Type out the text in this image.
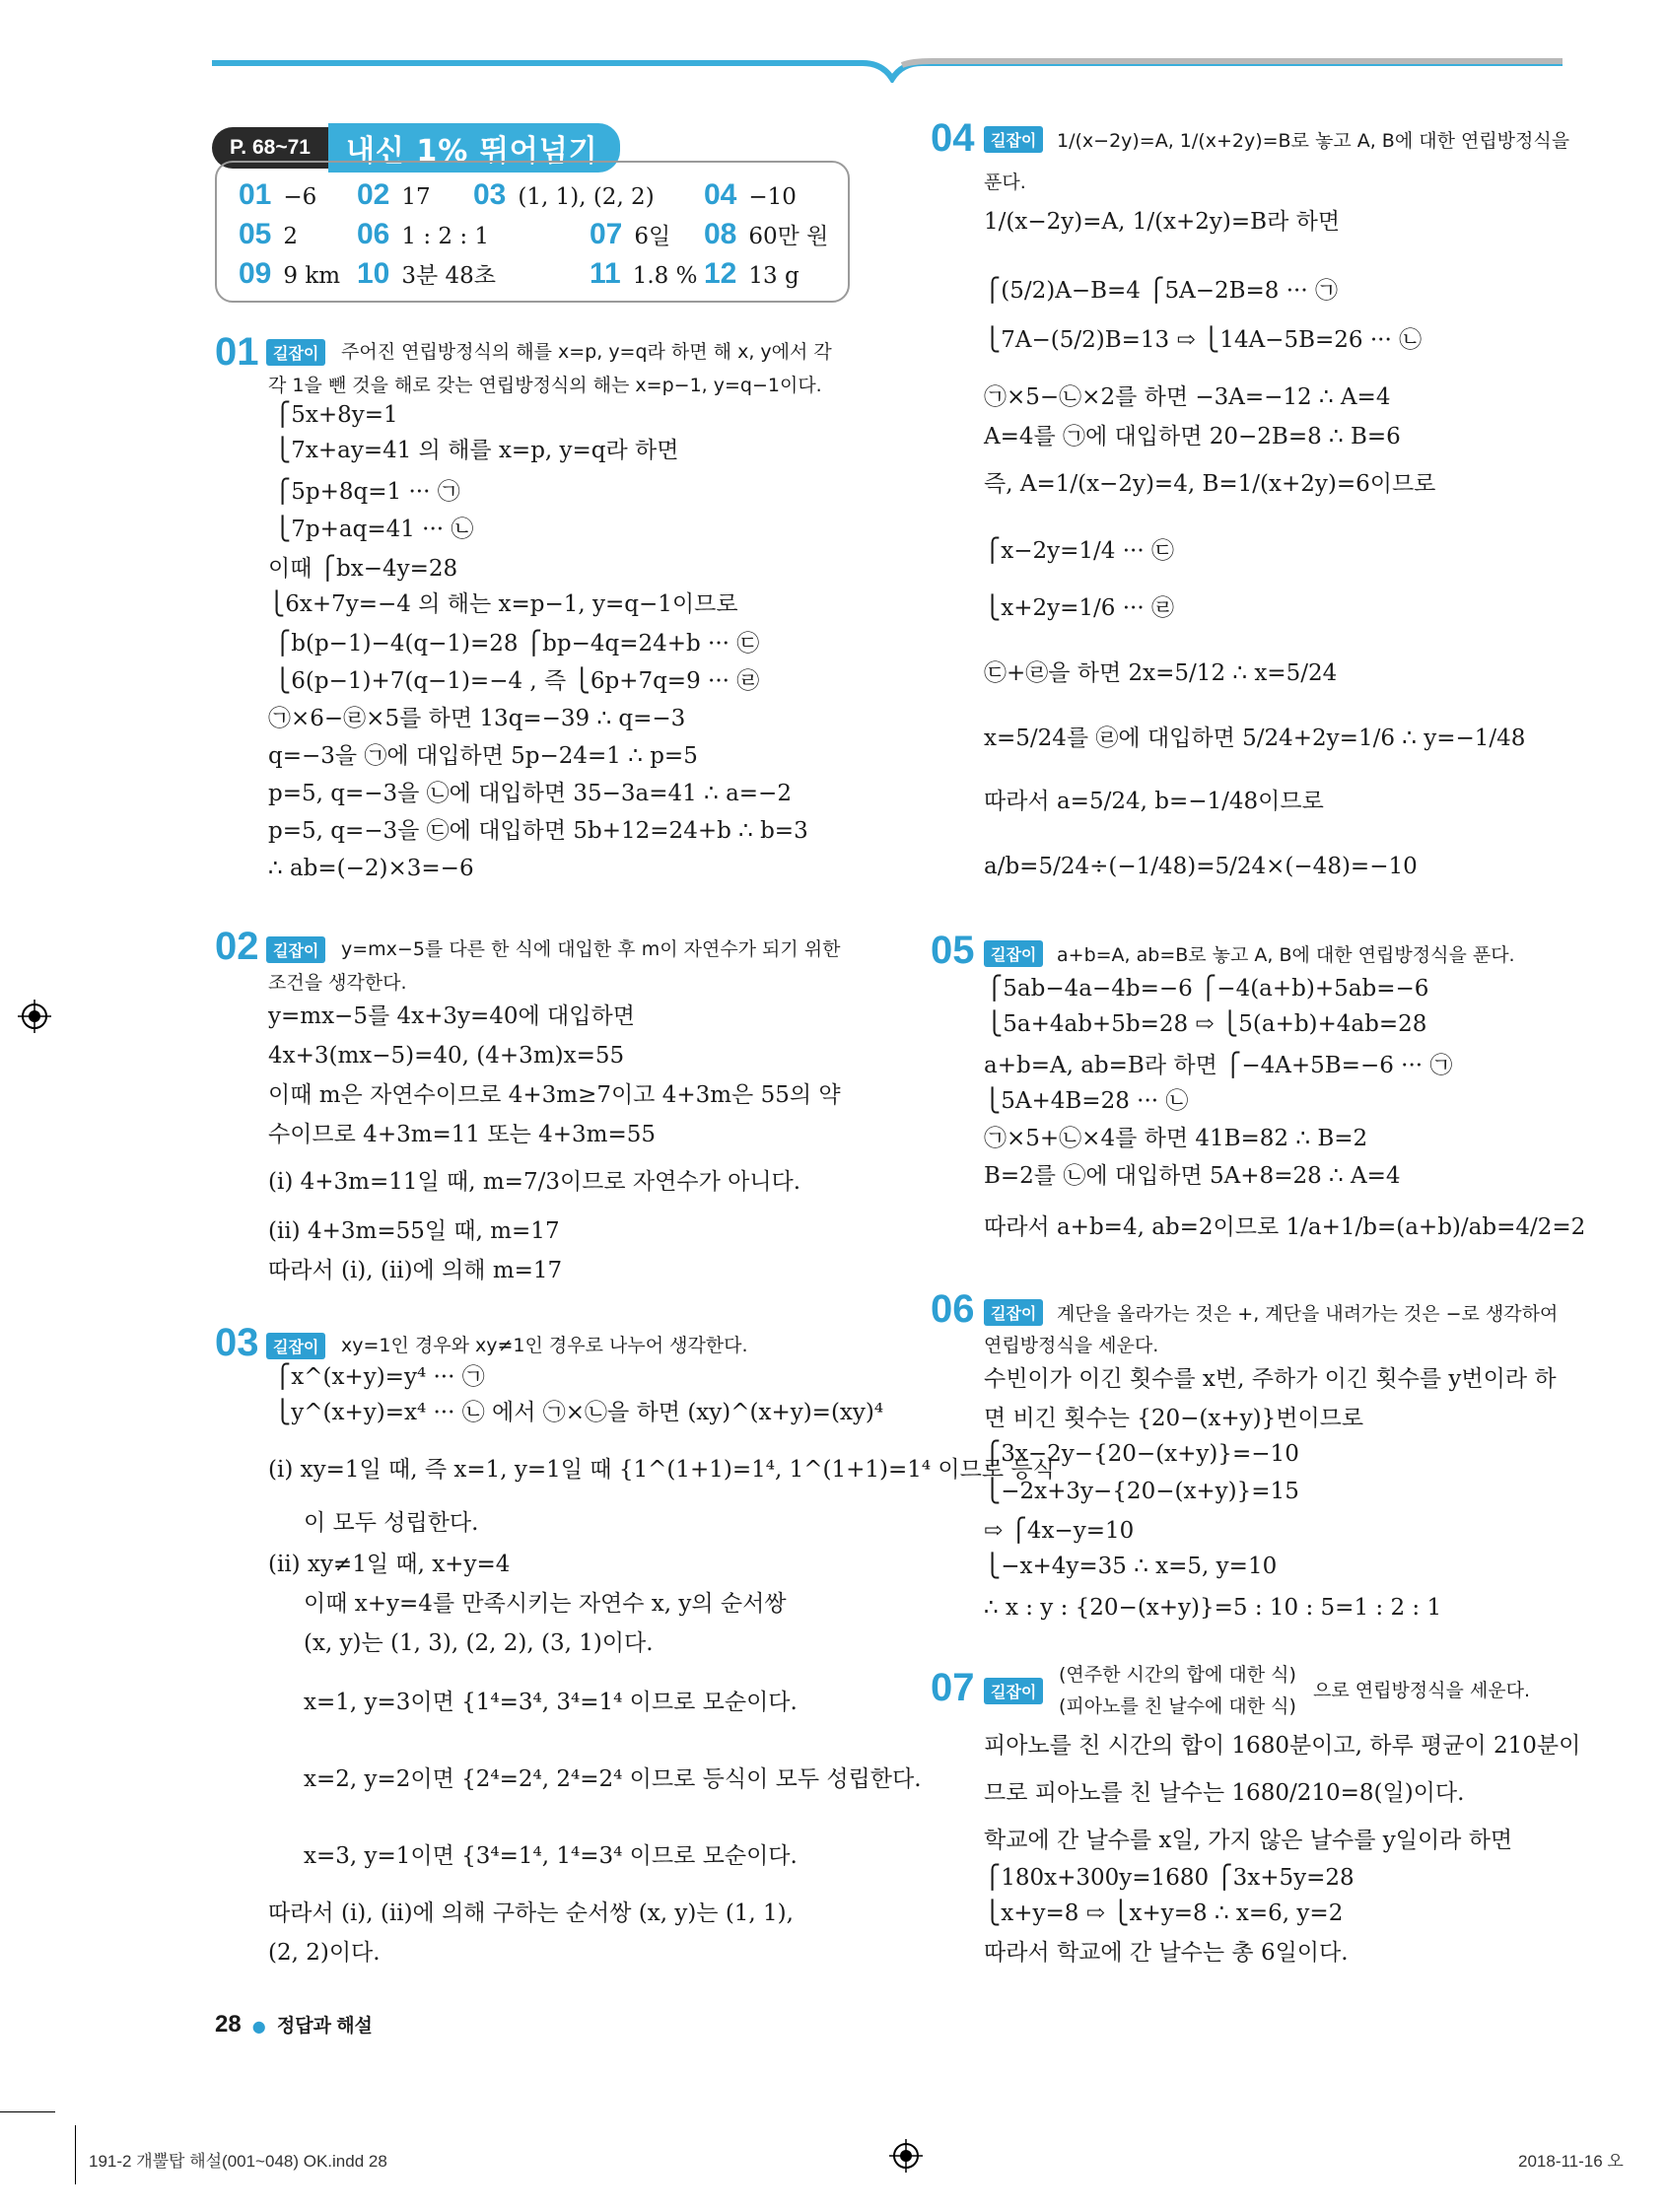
P. 68~71 내신 1% 뛰어넘기
01 −6 02 17 03 (1, 1), (2, 2) 04 −10
05 2 06 1 : 2 : 1	07 6일 08 60만 원
09 9 km 10 3분 48초	11 1.8 % 12 13 g
01 길잡이	주어진 연립방정식의 해를 x=p, y=q라 하면 해 x, y에서 각
각 1을 뺀 것을 해로 갖는 연립방정식의 해는 x=p−1, y=q−1이다.
⎧5x+8y=1
⎩7x+ay=41 의 해를 x=p, y=q라 하면
⎧5p+8q=1 ··· ㉠
⎩7p+aq=41 ··· ㉡
이때 ⎧bx−4y=28
⎩6x+7y=−4 의 해는 x=p−1, y=q−1이므로
⎧b(p−1)−4(q−1)=28 ⎧bp−4q=24+b ··· ㉢
⎩6(p−1)+7(q−1)=−4 , 즉 ⎩6p+7q=9 ··· ㉣
㉠×6−㉣×5를 하면 13q=−39 ∴ q=−3
q=−3을 ㉠에 대입하면 5p−24=1 ∴ p=5
p=5, q=−3을 ㉡에 대입하면 35−3a=41 ∴ a=−2
p=5, q=−3을 ㉢에 대입하면 5b+12=24+b ∴ b=3
∴ ab=(−2)×3=−6
02 길잡이	y=mx−5를 다른 한 식에 대입한 후 m이 자연수가 되기 위한
조건을 생각한다.
y=mx−5를 4x+3y=40에 대입하면
4x+3(mx−5)=40, (4+3m)x=55
이때 m은 자연수이므로 4+3m≥7이고 4+3m은 55의 약
수이므로 4+3m=11 또는 4+3m=55
(i) 4+3m=11일 때, m=7/3이므로 자연수가 아니다.
(ii) 4+3m=55일 때, m=17
따라서 (i), (ii)에 의해 m=17
03 길잡이	xy=1인 경우와 xy≠1인 경우로 나누어 생각한다.
⎧x^(x+y)=y⁴ ··· ㉠
⎩y^(x+y)=x⁴ ··· ㉡ 에서 ㉠×㉡을 하면 (xy)^(x+y)=(xy)⁴
(i) xy=1일 때, 즉 x=1, y=1일 때 {1^(1+1)=1⁴, 1^(1+1)=1⁴ 이므로 등식
이 모두 성립한다.
(ii) xy≠1일 때, x+y=4
이때 x+y=4를 만족시키는 자연수 x, y의 순서쌍
(x, y)는 (1, 3), (2, 2), (3, 1)이다.
x=1, y=3이면 {1⁴=3⁴, 3⁴=1⁴ 이므로 모순이다.
x=2, y=2이면 {2⁴=2⁴, 2⁴=2⁴ 이므로 등식이 모두 성립한다.
x=3, y=1이면 {3⁴=1⁴, 1⁴=3⁴ 이므로 모순이다.
따라서 (i), (ii)에 의해 구하는 순서쌍 (x, y)는 (1, 1),
(2, 2)이다.
04	길잡이	1/(x−2y)=A, 1/(x+2y)=B로 놓고 A, B에 대한 연립방정식을
푼다.
1/(x−2y)=A, 1/(x+2y)=B라 하면
⎧(5/2)A−B=4 ⎧5A−2B=8 ··· ㉠
⎩7A−(5/2)B=13 ⇨ ⎩14A−5B=26 ··· ㉡
㉠×5−㉡×2를 하면 −3A=−12 ∴ A=4
A=4를 ㉠에 대입하면 20−2B=8 ∴ B=6
즉, A=1/(x−2y)=4, B=1/(x+2y)=6이므로
⎧x−2y=1/4 ··· ㉢
⎩x+2y=1/6 ··· ㉣
㉢+㉣을 하면 2x=5/12 ∴ x=5/24
x=5/24를 ㉣에 대입하면 5/24+2y=1/6 ∴ y=−1/48
따라서 a=5/24, b=−1/48이므로
a/b=5/24÷(−1/48)=5/24×(−48)=−10
05	길잡이	a+b=A, ab=B로 놓고 A, B에 대한 연립방정식을 푼다.
⎧5ab−4a−4b=−6 ⎧−4(a+b)+5ab=−6
⎩5a+4ab+5b=28 ⇨ ⎩5(a+b)+4ab=28
a+b=A, ab=B라 하면 ⎧−4A+5B=−6 ··· ㉠
⎩5A+4B=28 ··· ㉡
㉠×5+㉡×4를 하면 41B=82 ∴ B=2
B=2를 ㉡에 대입하면 5A+8=28 ∴ A=4
따라서 a+b=4, ab=2이므로 1/a+1/b=(a+b)/ab=4/2=2
06	길잡이	계단을 올라가는 것은 +, 계단을 내려가는 것은 −로 생각하여
연립방정식을 세운다.
수빈이가 이긴 횟수를 x번, 주하가 이긴 횟수를 y번이라 하
면 비긴 횟수는 {20−(x+y)}번이므로
⎧3x−2y−{20−(x+y)}=−10
⎩−2x+3y−{20−(x+y)}=15
⇨ ⎧4x−y=10
⎩−x+4y=35 ∴ x=5, y=10
∴ x : y : {20−(x+y)}=5 : 10 : 5=1 : 2 : 1
07	길잡이
(연주한 시간의 합에 대한 식)
(피아노를 친 날수에 대한 식)
으로 연립방정식을 세운다.
피아노를 친 시간의 합이 1680분이고, 하루 평균이 210분이
므로 피아노를 친 날수는 1680/210=8(일)이다.
학교에 간 날수를 x일, 가지 않은 날수를 y일이라 하면
⎧180x+300y=1680 ⎧3x+5y=28
⎩x+y=8 ⇨ ⎩x+y=8 ∴ x=6, y=2
따라서 학교에 간 날수는 총 6일이다.
28 ● 정답과 해설
191-2 개뿔탑 해설(001~048) OK.indd 28	2018-11-16 오
